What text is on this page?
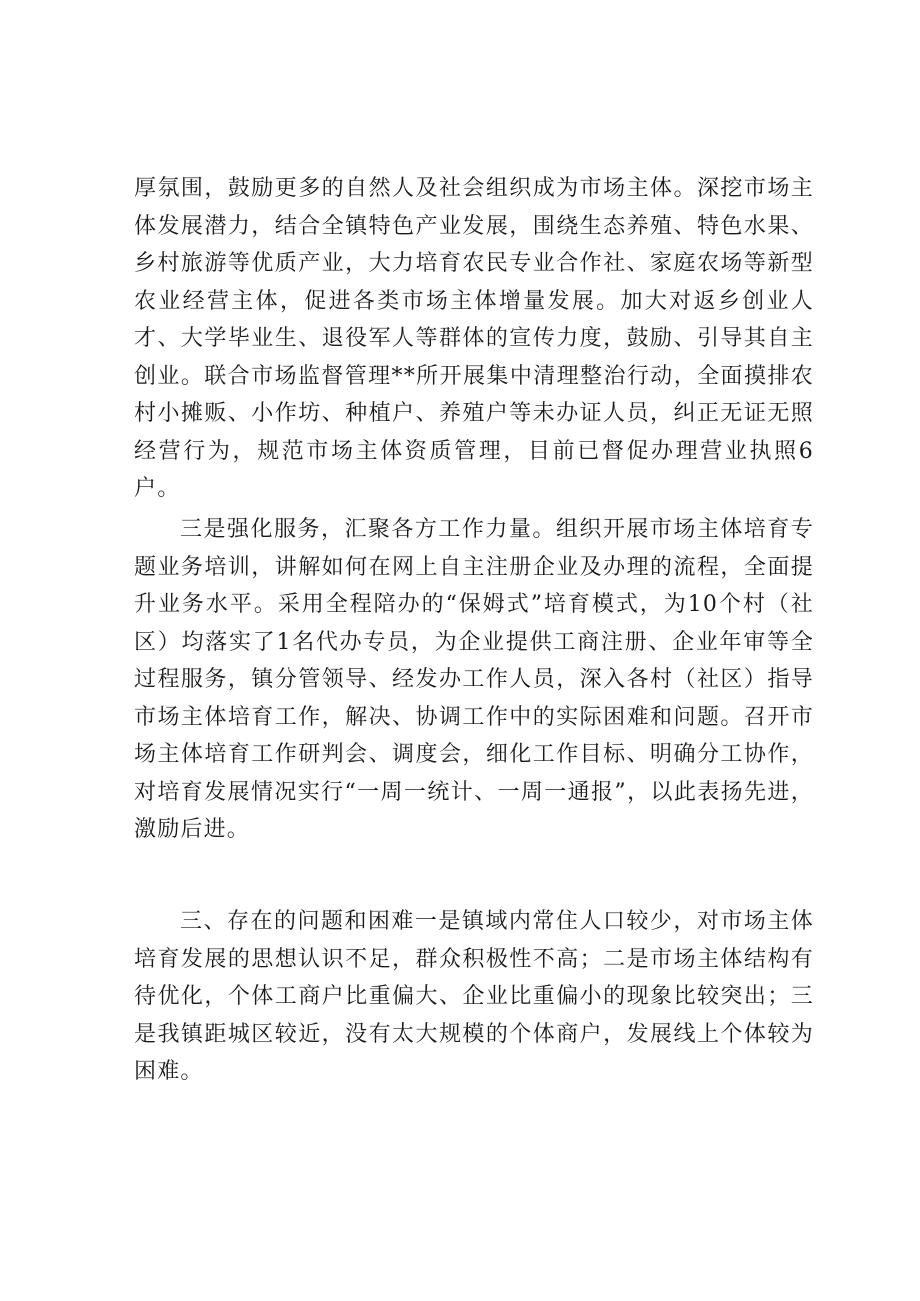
厚氛围，鼓励更多的自然人及社会组织成为市场主体。深挖市场主体发展潜力，结合全镇特色产业发展，围绕生态养殖、特色水果、乡村旅游等优质产业，大力培育农民专业合作社、家庭农场等新型农业经营主体，促进各类市场主体增量发展。加大对返乡创业人才、大学毕业生、退役军人等群体的宣传力度，鼓励、引导其自主创业。联合市场监督管理**所开展集中清理整治行动，全面摸排农村小摊贩、小作坊、种植户、养殖户等未办证人员，纠正无证无照经营行为，规范市场主体资质管理，目前已督促办理营业执照6户。

三是强化服务，汇聚各方工作力量。组织开展市场主体培育专题业务培训，讲解如何在网上自主注册企业及办理的流程，全面提升业务水平。采用全程陪办的“保姆式”培育模式，为10个村（社区）均落实了1名代办专员，为企业提供工商注册、企业年审等全过程服务，镇分管领导、经发办工作人员，深入各村（社区）指导市场主体培育工作，解决、协调工作中的实际困难和问题。召开市场主体培育工作研判会、调度会，细化工作目标、明确分工协作，对培育发展情况实行“一周一统计、一周一通报”，以此表扬先进，激励后进。

三、存在的问题和困难一是镇域内常住人口较少，对市场主体培育发展的思想认识不足，群众积极性不高；二是市场主体结构有待优化，个体工商户比重偏大、企业比重偏小的现象比较突出；三是我镇距城区较近，没有太大规模的个体商户，发展线上个体较为困难。
